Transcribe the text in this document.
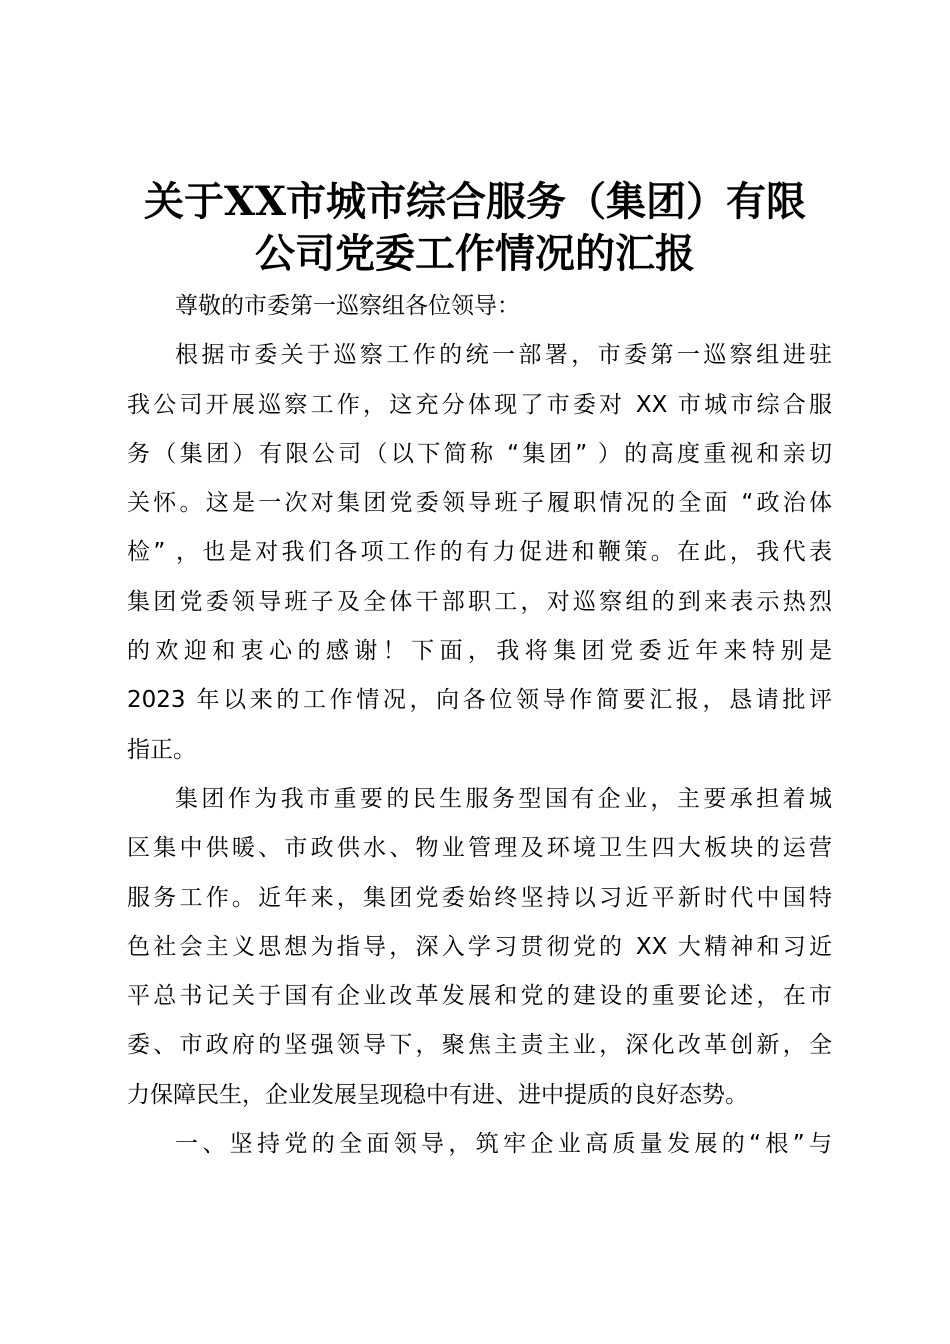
关于XX市城市综合服务（集团）有限
公司党委工作情况的汇报
尊敬的市委第一巡察组各位领导：
根据市委关于巡察工作的统一部署，市委第一巡察组进驻
我公司开展巡察工作，这充分体现了市委对 XX 市城市综合服
务（集团）有限公司（以下简称 “集团” ）的高度重视和亲切
关怀。这是一次对集团党委领导班子履职情况的全面 “政治体
检” ，也是对我们各项工作的有力促进和鞭策。在此，我代表
集团党委领导班子及全体干部职工，对巡察组的到来表示热烈
的欢迎和衷心的感谢！下面，我将集团党委近年来特别是
2023 年以来的工作情况，向各位领导作简要汇报，恳请批评
指正。
集团作为我市重要的民生服务型国有企业，主要承担着城
区集中供暖、市政供水、物业管理及环境卫生四大板块的运营
服务工作。近年来，集团党委始终坚持以习近平新时代中国特
色社会主义思想为指导，深入学习贯彻党的 XX 大精神和习近
平总书记关于国有企业改革发展和党的建设的重要论述，在市
委、市政府的坚强领导下，聚焦主责主业，深化改革创新，全
力保障民生，企业发展呈现稳中有进、进中提质的良好态势。
一、坚持党的全面领导，筑牢企业高质量发展的“根”与
